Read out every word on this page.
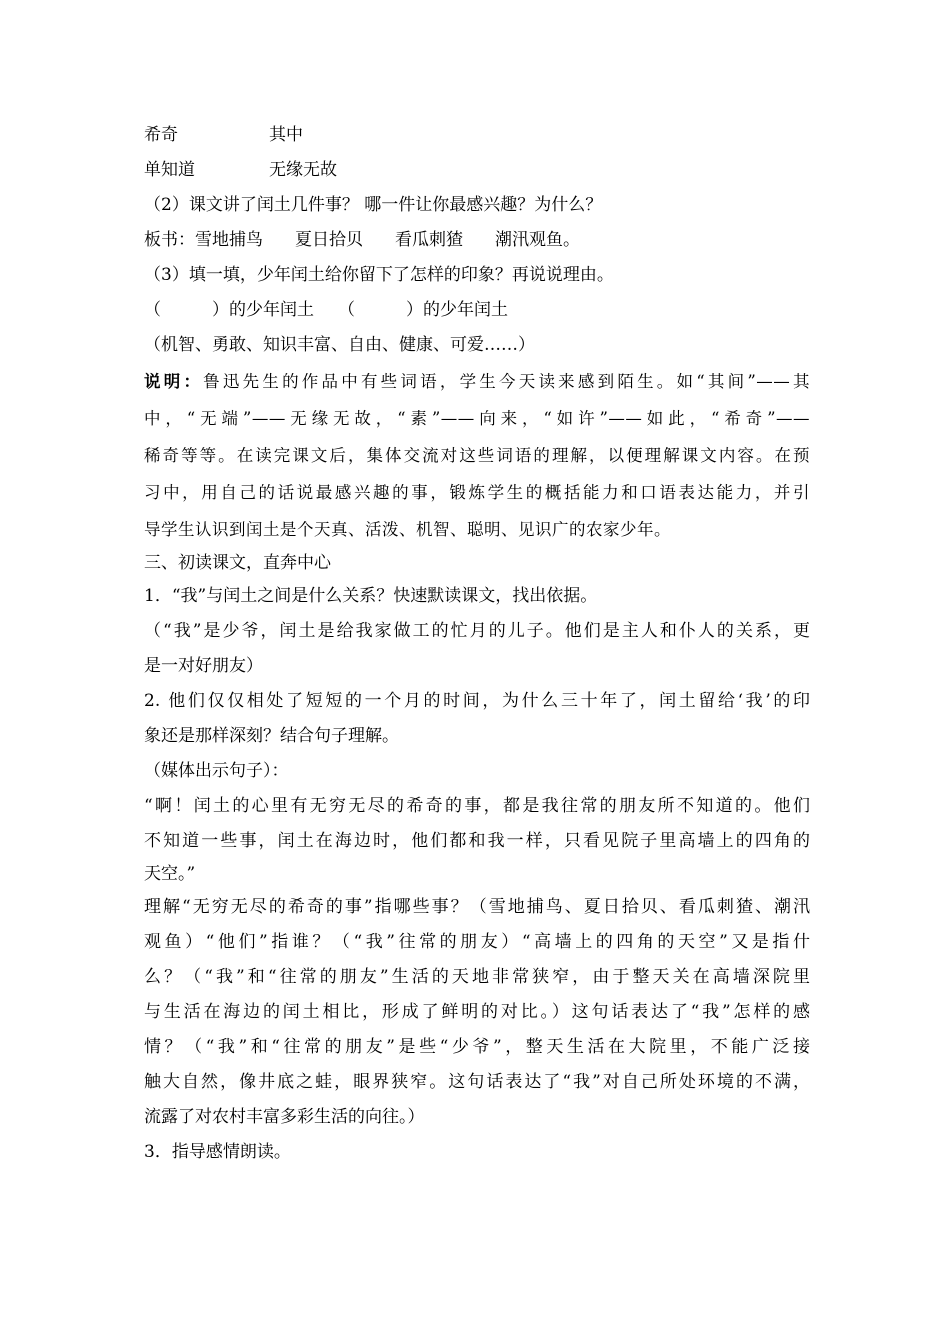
希奇	其中
单知道	无缘无故
（2）课文讲了闰土几件事？ 哪一件让你最感兴趣？为什么？
板书：雪地捕鸟 夏日拾贝 看瓜刺猹 潮汛观鱼。
（3）填一填，少年闰土给你留下了怎样的印象？再说说理由。
（　　　）的少年闰土 （　　　）的少年闰土
（机智、勇敢、知识丰富、自由、健康、可爱……）
说明：鲁迅先生的作品中有些词语，学生今天读来感到陌生。如“其间”——其
中，“无端”——无缘无故，“素”——向来，“如许”——如此，“希奇”——
稀奇等等。在读完课文后，集体交流对这些词语的理解，以便理解课文内容。在预
习中，用自己的话说最感兴趣的事，锻炼学生的概括能力和口语表达能力，并引
导学生认识到闰土是个天真、活泼、机智、聪明、见识广的农家少年。
三、初读课文，直奔中心
1．“我”与闰土之间是什么关系？快速默读课文，找出依据。
（“我”是少爷，闰土是给我家做工的忙月的儿子。他们是主人和仆人的关系，更
是一对好朋友）
2. 他们仅仅相处了短短的一个月的时间，为什么三十年了，闰土留给‘我’的印
象还是那样深刻？结合句子理解。
（媒体出示句子）：
“啊！闰土的心里有无穷无尽的希奇的事，都是我往常的朋友所不知道的。他们
不知道一些事，闰土在海边时，他们都和我一样，只看见院子里高墙上的四角的
天空。”
理解“无穷无尽的希奇的事”指哪些事？（雪地捕鸟、夏日拾贝、看瓜刺猹、潮汛
观鱼）“他们”指谁？（“我”往常的朋友）“高墙上的四角的天空”又是指什
么？（“我”和“往常的朋友”生活的天地非常狭窄，由于整天关在高墙深院里
与生活在海边的闰土相比，形成了鲜明的对比。）这句话表达了“我”怎样的感
情？（“我”和“往常的朋友”是些“少爷”，整天生活在大院里，不能广泛接
触大自然，像井底之蛙，眼界狭窄。这句话表达了“我”对自己所处环境的不满，
流露了对农村丰富多彩生活的向往。）
3．指导感情朗读。
